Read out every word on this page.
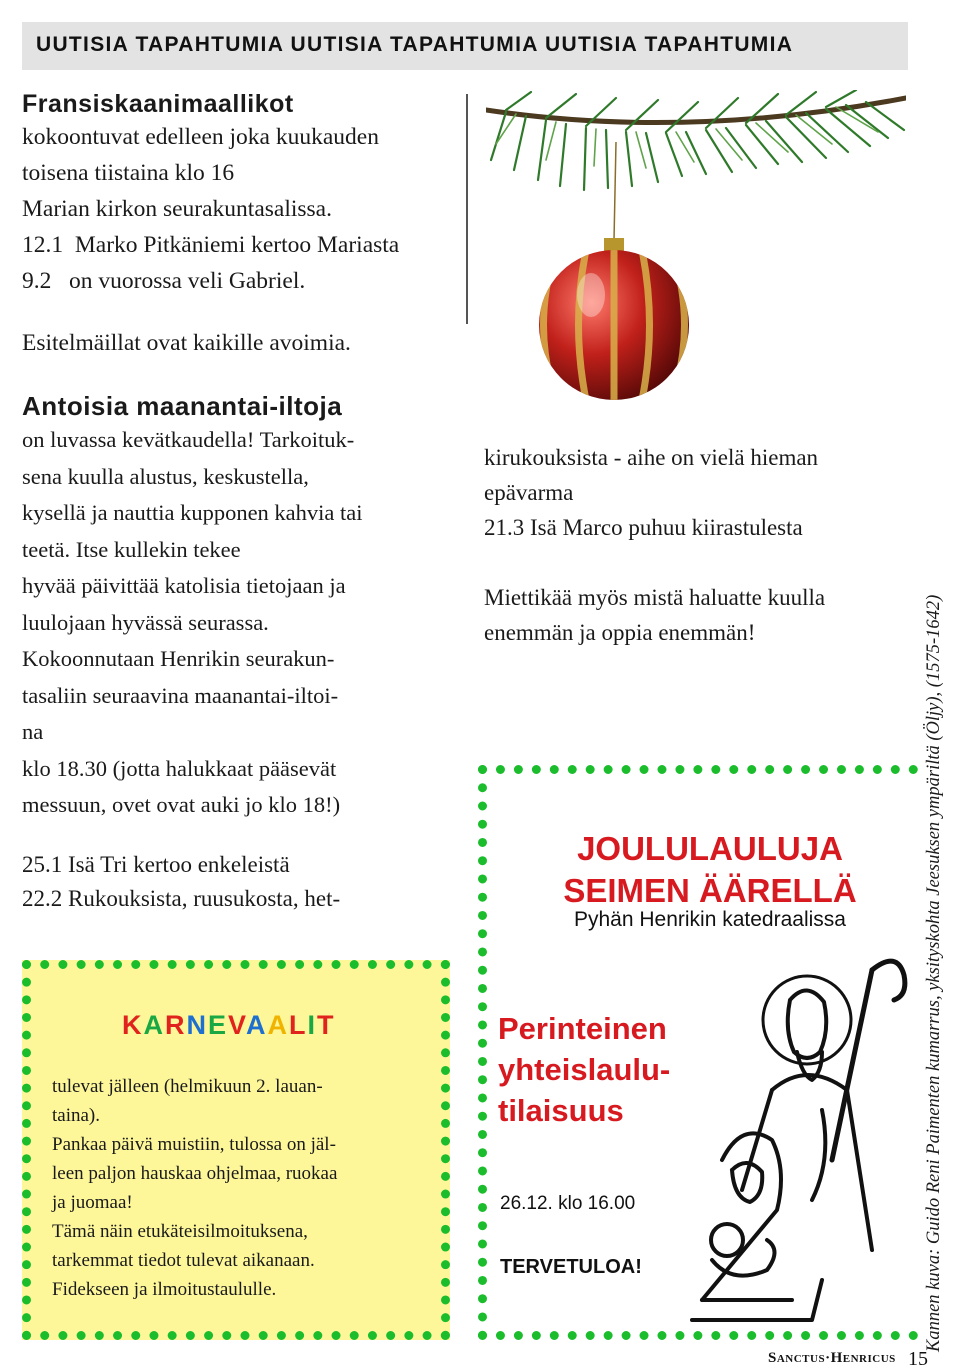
UUTISIA TAPAHTUMIA UUTISIA TAPAHTUMIA UUTISIA TAPAHTUMIA
Fransiskaanimaallikot
kokoontuvat edelleen joka kuukauden
toisena tiistaina klo 16
Marian kirkon seurakuntasalissa.
12.1  Marko Pitkäniemi kertoo Mariasta
9.2   on vuorossa veli Gabriel.
Esitelmäillat ovat kaikille avoimia.
Antoisia maanantai-iltoja
on luvassa kevätkaudella! Tarkoituk-
sena kuulla alustus, keskustella,
kysellä ja nauttia kupponen kahvia tai
teetä. Itse kullekin tekee
hyvää päivittää katolisia tietojaan ja
luulojaan hyvässä seurassa.
Kokoonnutaan Henrikin seurakun-
tasaliin seuraavina maanantai-iltoi-
na
klo 18.30 (jotta halukkaat pääsevät
messuun, ovet ovat auki jo klo 18!)
25.1 Isä Tri kertoo enkeleistä
22.2 Rukouksista, ruusukosta, het-
kirukouksista - aihe on vielä hieman
epävarma
21.3 Isä Marco puhuu kiirastulesta
Miettikää myös mistä haluatte kuulla
enemmän ja oppia enemmän!
KARNEVAALIT
tulevat jälleen (helmikuun 2. lauan-
taina).
Pankaa päivä muistiin, tulossa on jäl-
leen paljon hauskaa ohjelmaa, ruokaa
ja juomaa!
Tämä näin etukäteisilmoituksena,
tarkemmat tiedot tulevat aikanaan.
Fidekseen ja ilmoitustaululle.
JOULULAULUJA
SEIMEN ÄÄRELLÄ
Pyhän Henrikin katedraalissa
Perinteinen
yhteislaulu-
tilaisuus
26.12. klo 16.00
TERVETULOA!	Kannen kuva: Guido Reni Paimenten kumarrus, yksityskohta Jeesuksen ympäriltä (Öljy), (1575-1642)
Sanctus·Henricus 15
